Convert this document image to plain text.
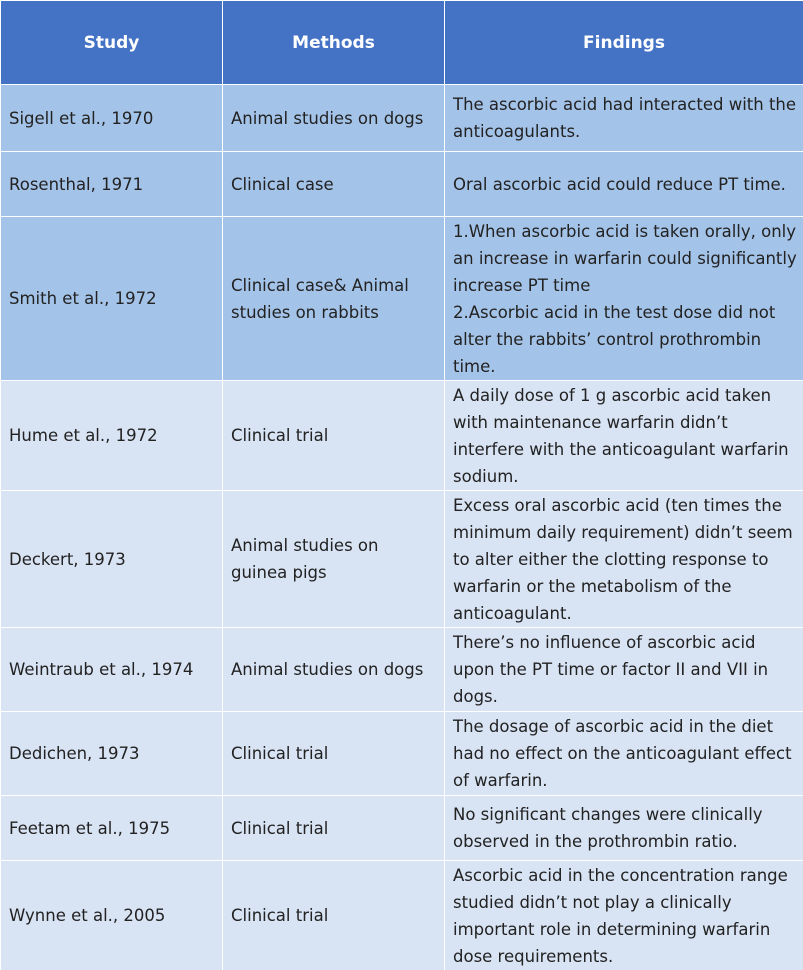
Study	Methods	Findings
Sigell et al., 1970	Animal studies on dogs	The ascorbic acid had interacted with the anticoagulants.
Rosenthal, 1971	Clinical case	Oral ascorbic acid could reduce PT time.
Smith et al., 1972	Clinical case& Animal studies on rabbits	1.When ascorbic acid is taken orally, only an increase in warfarin could significantly increase PT time
2.Ascorbic acid in the test dose did not alter the rabbits’ control prothrombin time.

Hume et al., 1972	Clinical trial	A daily dose of 1 g ascorbic acid taken with maintenance warfarin didn’t interfere with the anticoagulant warfarin sodium.
Deckert, 1973	Animal studies on guinea pigs	Excess oral ascorbic acid (ten times the minimum daily requirement) didn’t seem to alter either the clotting response to warfarin or the metabolism of the anticoagulant.
Weintraub et al., 1974	Animal studies on dogs	There’s no influence of ascorbic acid upon the PT time or factor II and VII in dogs.
Dedichen, 1973	Clinical trial	The dosage of ascorbic acid in the diet had no effect on the anticoagulant effect of warfarin.
Feetam et al., 1975	Clinical trial	No significant changes were clinically observed in the prothrombin ratio.
Wynne et al., 2005	Clinical trial	Ascorbic acid in the concentration range studied didn’t not play a clinically important role in determining warfarin dose requirements.
